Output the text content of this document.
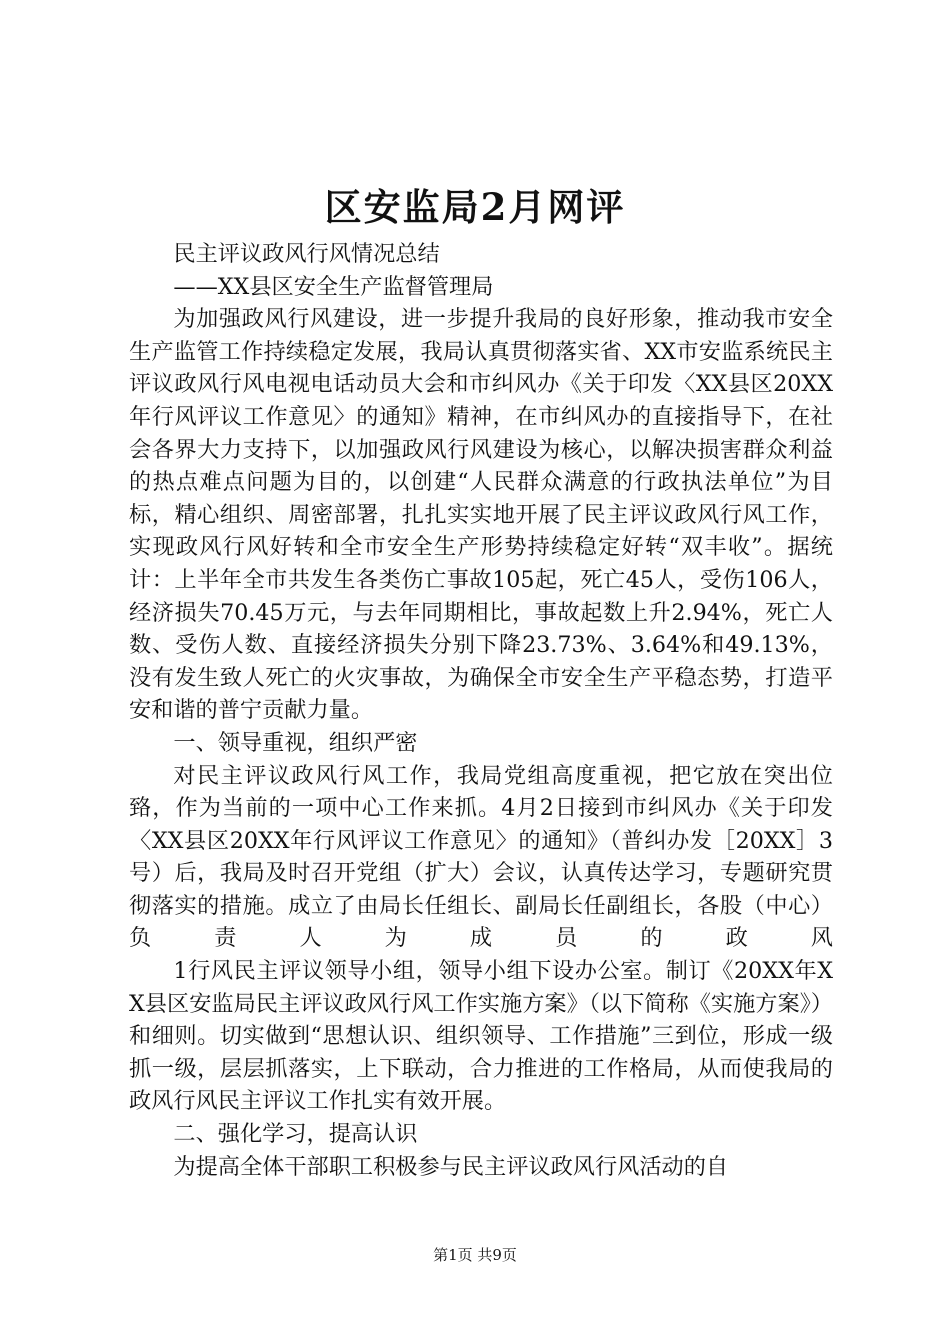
区安监局2月网评

民主评议政风行风情况总结

——XX县区安全生产监督管理局

为加强政风行风建设，进一步提升我局的良好形象，推动我市安全生产监管工作持续稳定发展，我局认真贯彻落实省、XX市安监系统民主评议政风行风电视电话动员大会和市纠风办《关于印发〈XX县区20XX年行风评议工作意见〉的通知》精神，在市纠风办的直接指导下，在社会各界大力支持下，以加强政风行风建设为核心，以解决损害群众利益的热点难点问题为目的，以创建“人民群众满意的行政执法单位”为目标，精心组织、周密部署，扎扎实实地开展了民主评议政风行风工作，实现政风行风好转和全市安全生产形势持续稳定好转“双丰收”。据统计：上半年全市共发生各类伤亡事故105起，死亡45人，受伤106人，经济损失70.45万元，与去年同期相比，事故起数上升2.94%，死亡人数、受伤人数、直接经济损失分别下降23.73%、3.64%和49.13%，没有发生致人死亡的火灾事故，为确保全市安全生产平稳态势，打造平安和谐的普宁贡献力量。

一、领导重视，组织严密

对民主评议政风行风工作，我局党组高度重视，把它放在突出位臵，作为当前的一项中心工作来抓。4月2日接到市纠风办《关于印发〈XX县区20XX年行风评议工作意见〉的通知》（普纠办发［20XX］3号）后，我局及时召开党组（扩大）会议，认真传达学习，专题研究贯彻落实的措施。成立了由局长任组长、副局长任副组长，各股（中心）负责人为成员的政风

1行风民主评议领导小组，领导小组下设办公室。制订《20XX年XX县区安监局民主评议政风行风工作实施方案》（以下简称《实施方案》）和细则。切实做到“思想认识、组织领导、工作措施”三到位，形成一级抓一级，层层抓落实，上下联动，合力推进的工作格局，从而使我局的政风行风民主评议工作扎实有效开展。

二、强化学习，提高认识

为提高全体干部职工积极参与民主评议政风行风活动的自

第1页 共9页
